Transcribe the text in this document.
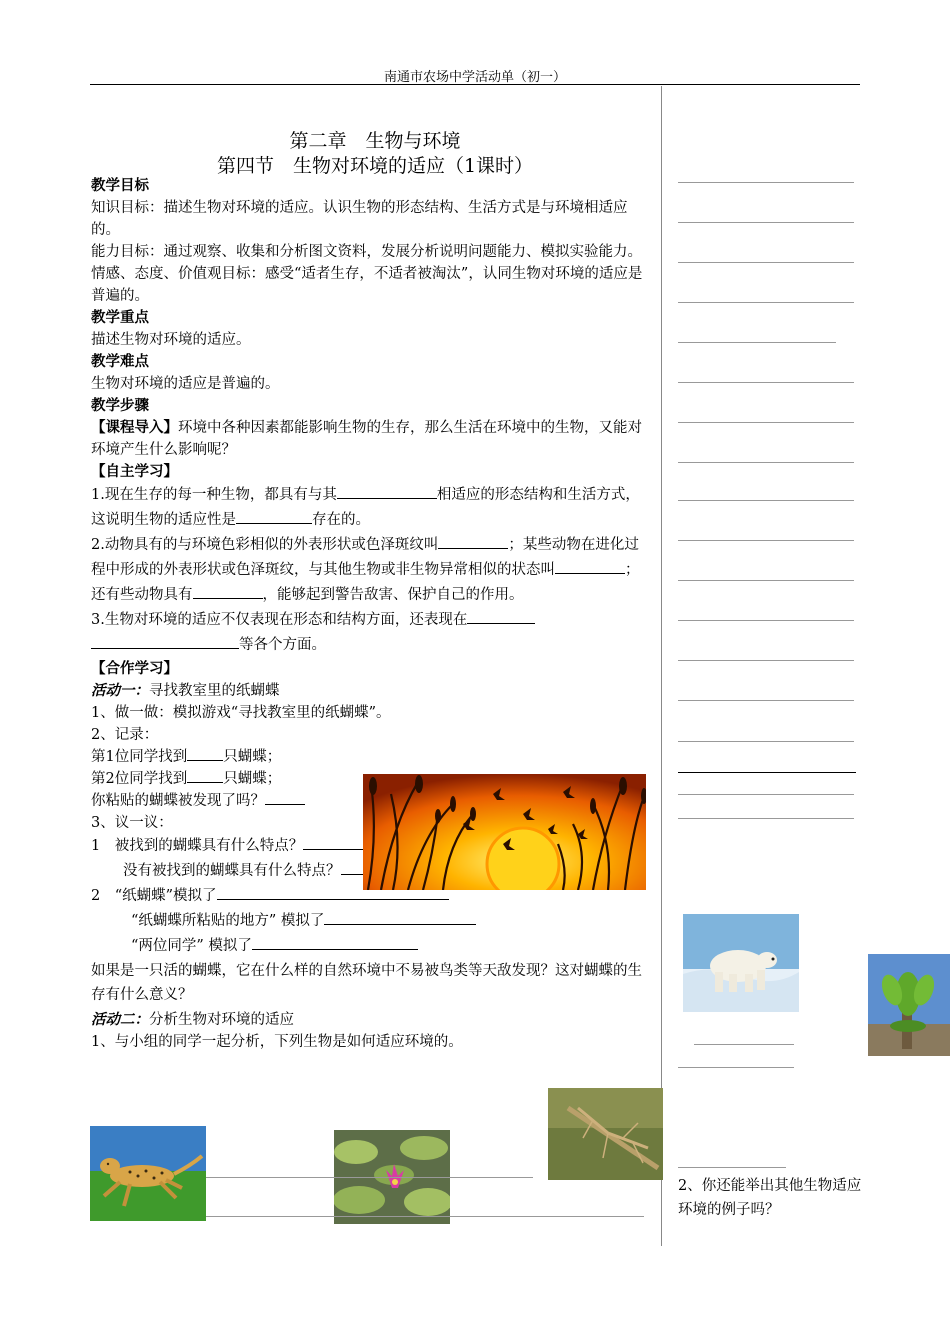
南通市农场中学活动单（初一）
第二章　生物与环境
第四节　生物对环境的适应（1课时）

教学目标

知识目标：描述生物对环境的适应。认识生物的形态结构、生活方式是与环境相适应的。

能力目标：通过观察、收集和分析图文资料，发展分析说明问题能力、模拟实验能力。

情感、态度、价值观目标：感受“适者生存，不适者被淘汰”，认同生物对环境的适应是普遍的。

教学重点

描述生物对环境的适应。

教学难点

生物对环境的适应是普遍的。

教学步骤

【课程导入】环境中各种因素都能影响生物的生存，那么生活在环境中的生物，又能对环境产生什么影响呢？

【自主学习】

1.现在生存的每一种生物，都具有与其	相适应的形态结构和生活方式，这说明生物的适应性是	存在的。

2.动物具有的与环境色彩相似的外表形状或色泽斑纹叫	；某些动物在进化过程中形成的外表形状或色泽斑纹，与其他生物或非生物异常相似的状态叫	；还有些动物具有	，能够起到警告敌害、保护自己的作用。

3.生物对环境的适应不仅表现在形态和结构方面，还表现在
等各个方面。

【合作学习】

活动一：寻找教室里的纸蝴蝶

1、做一做：模拟游戏“寻找教室里的纸蝴蝶”。

2、记录：

第1位同学找到 只蝴蝶；

第2位同学找到 只蝴蝶；

你粘贴的蝴蝶被发现了吗？

3、议一议：

1　被找到的蝴蝶具有什么特点？

没有被找到的蝴蝶具有什么特点？

2　“纸蝴蝶”模拟了

“纸蝴蝶所粘贴的地方” 模拟了

“两位同学” 模拟了

如果是一只活的蝴蝶，它在什么样的自然环境中不易被鸟类等天敌发现？这对蝴蝶的生存有什么意义？

活动二：分析生物对环境的适应

1、与小组的同学一起分析，下列生物是如何适应环境的。

2、你还能举出其他生物适应环境的例子吗？
